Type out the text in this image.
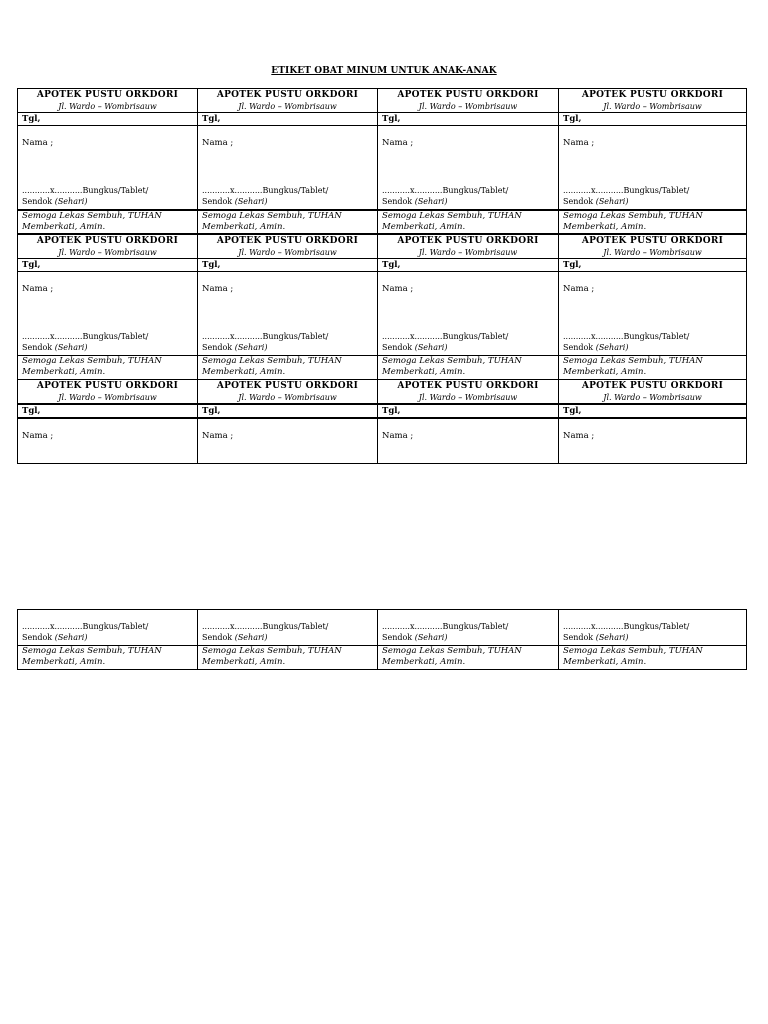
ETIKET OBAT MINUM UNTUK ANAK-ANAK
APOTEK PUSTU ORKDORI
Jl. Wardo – Wombrisauw	APOTEK PUSTU ORKDORI
Jl. Wardo – Wombrisauw	APOTEK PUSTU ORKDORI
Jl. Wardo – Wombrisauw	APOTEK PUSTU ORKDORI
Jl. Wardo – Wombrisauw

Tgl,	Tgl,	Tgl,	Tgl,

Nama ;
...........x...........Bungkus/Tablet/
Sendok (Sehari)	Nama ;
...........x...........Bungkus/Tablet/
Sendok (Sehari)	Nama ;
...........x...........Bungkus/Tablet/
Sendok (Sehari)	Nama ;
...........x...........Bungkus/Tablet/
Sendok (Sehari)

Semoga Lekas Sembuh, TUHAN
Memberkati, Amin.	Semoga Lekas Sembuh, TUHAN
Memberkati, Amin.	Semoga Lekas Sembuh, TUHAN
Memberkati, Amin.	Semoga Lekas Sembuh, TUHAN
Memberkati, Amin.

APOTEK PUSTU ORKDORI
Jl. Wardo – Wombrisauw	APOTEK PUSTU ORKDORI
Jl. Wardo – Wombrisauw	APOTEK PUSTU ORKDORI
Jl. Wardo – Wombrisauw	APOTEK PUSTU ORKDORI
Jl. Wardo – Wombrisauw

Tgl,	Tgl,	Tgl,	Tgl,

Nama ;
...........x...........Bungkus/Tablet/
Sendok (Sehari)	Nama ;
...........x...........Bungkus/Tablet/
Sendok (Sehari)	Nama ;
...........x...........Bungkus/Tablet/
Sendok (Sehari)	Nama ;
...........x...........Bungkus/Tablet/
Sendok (Sehari)

Semoga Lekas Sembuh, TUHAN
Memberkati, Amin.	Semoga Lekas Sembuh, TUHAN
Memberkati, Amin.	Semoga Lekas Sembuh, TUHAN
Memberkati, Amin.	Semoga Lekas Sembuh, TUHAN
Memberkati, Amin.

APOTEK PUSTU ORKDORI
Jl. Wardo – Wombrisauw	APOTEK PUSTU ORKDORI
Jl. Wardo – Wombrisauw	APOTEK PUSTU ORKDORI
Jl. Wardo – Wombrisauw	APOTEK PUSTU ORKDORI
Jl. Wardo – Wombrisauw

Tgl,	Tgl,	Tgl,	Tgl,

Nama ;	Nama ;	Nama ;	Nama ;
...........x...........Bungkus/Tablet/
Sendok (Sehari)	...........x...........Bungkus/Tablet/
Sendok (Sehari)	...........x...........Bungkus/Tablet/
Sendok (Sehari)	...........x...........Bungkus/Tablet/
Sendok (Sehari)

Semoga Lekas Sembuh, TUHAN
Memberkati, Amin.	Semoga Lekas Sembuh, TUHAN
Memberkati, Amin.	Semoga Lekas Sembuh, TUHAN
Memberkati, Amin.	Semoga Lekas Sembuh, TUHAN
Memberkati, Amin.
